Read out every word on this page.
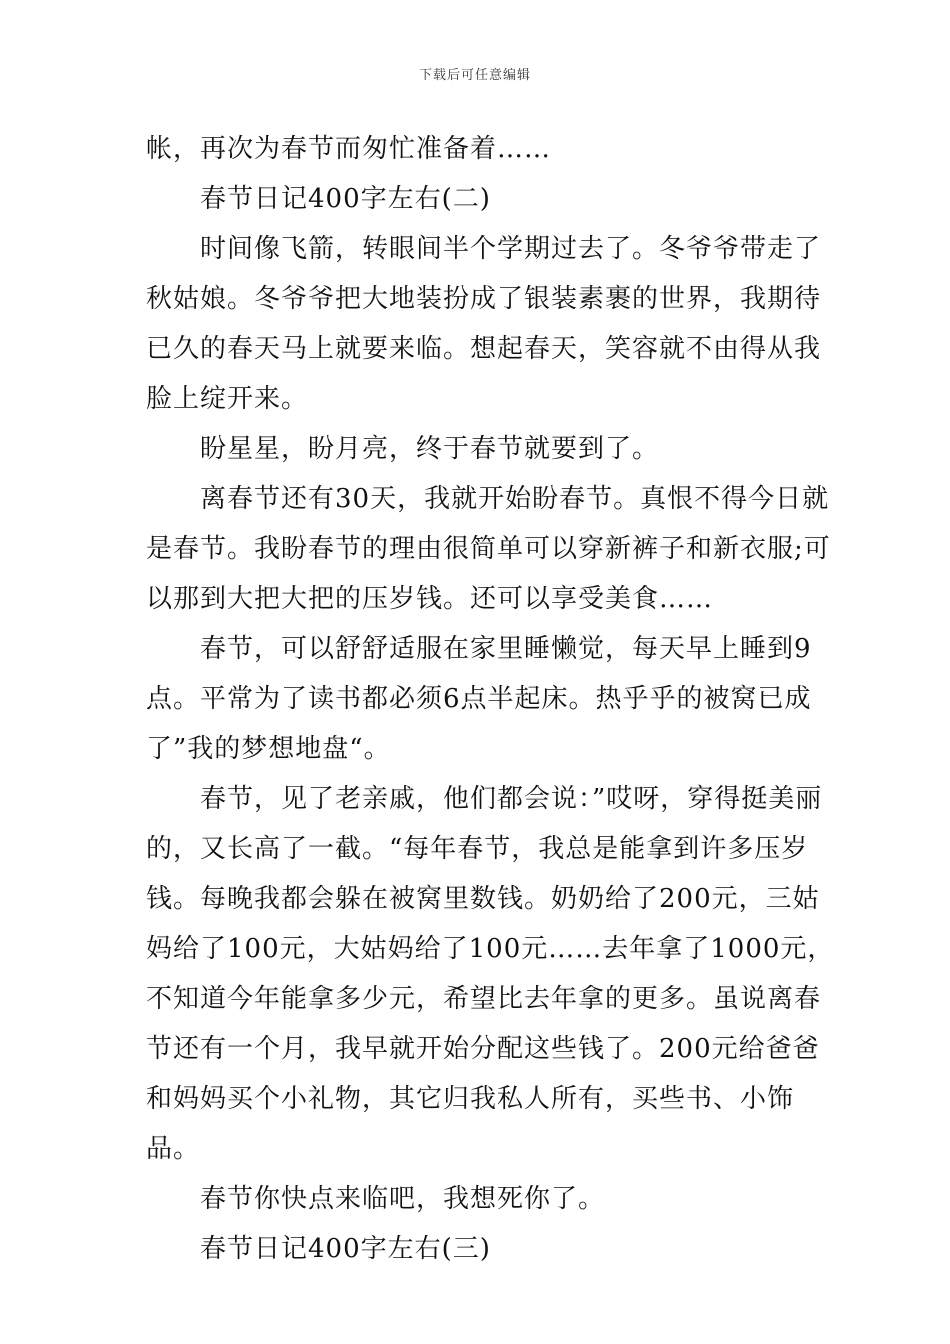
下载后可任意编辑

帐，再次为春节而匆忙准备着……

　　春节日记400字左右(二)

　　时间像飞箭，转眼间半个学期过去了。冬爷爷带走了秋姑娘。冬爷爷把大地装扮成了银装素裹的世界，我期待已久的春天马上就要来临。想起春天，笑容就不由得从我脸上绽开来。

　　盼星星，盼月亮，终于春节就要到了。

　　离春节还有30天，我就开始盼春节。真恨不得今日就是春节。我盼春节的理由很简单可以穿新裤子和新衣服;可以那到大把大把的压岁钱。还可以享受美食……

　　春节，可以舒舒适服在家里睡懒觉，每天早上睡到9点。平常为了读书都必须6点半起床。热乎乎的被窝已成了”我的梦想地盘“。

　　春节，见了老亲戚，他们都会说：”哎呀，穿得挺美丽的，又长高了一截。“每年春节，我总是能拿到许多压岁钱。每晚我都会躲在被窝里数钱。奶奶给了200元，三姑妈给了100元，大姑妈给了100元……去年拿了1000元，不知道今年能拿多少元，希望比去年拿的更多。虽说离春节还有一个月，我早就开始分配这些钱了。200元给爸爸和妈妈买个小礼物，其它归我私人所有，买些书、小饰品。

　　春节你快点来临吧，我想死你了。

　　春节日记400字左右(三)
